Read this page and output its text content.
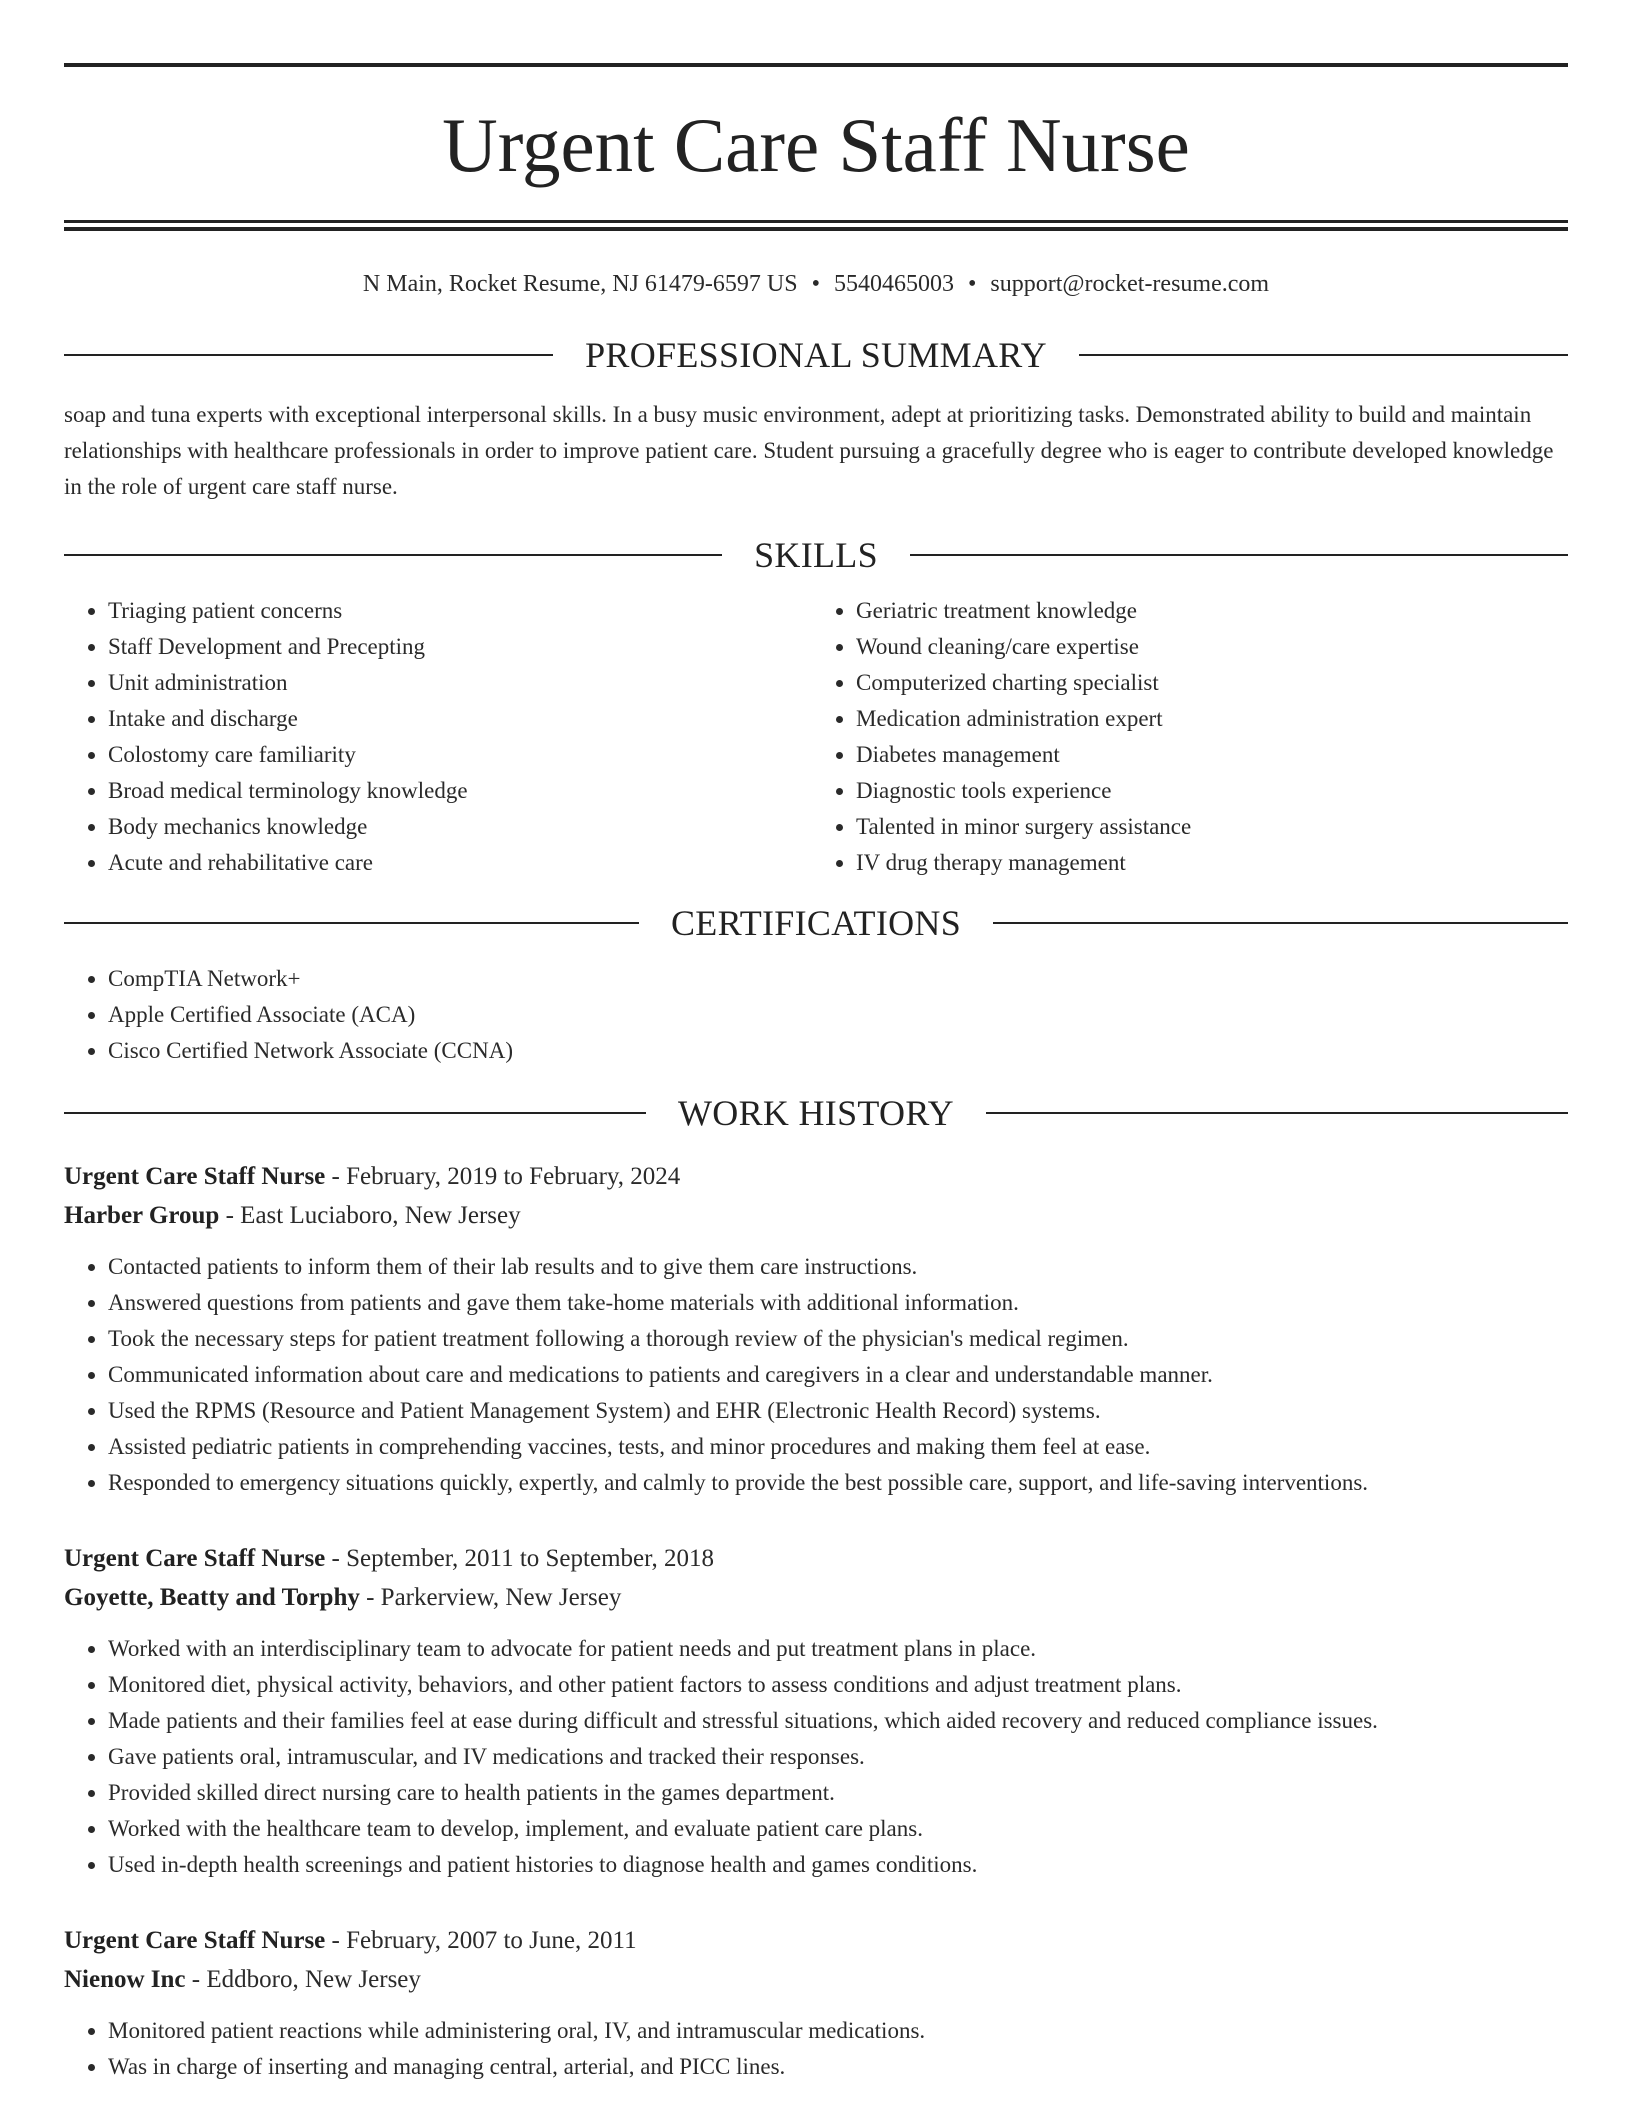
Urgent Care Staff Nurse
N Main, Rocket Resume, NJ 61479-6597 US • 5540465003 • support@rocket-resume.com
PROFESSIONAL SUMMARY

soap and tuna experts with exceptional interpersonal skills. In a busy music environment, adept at prioritizing tasks. Demonstrated ability to build and maintain relationships with healthcare professionals in order to improve patient care. Student pursuing a gracefully degree who is eager to contribute developed knowledge in the role of urgent care staff nurse.

SKILLS
• Triaging patient concerns
• Staff Development and Precepting
• Unit administration
• Intake and discharge
• Colostomy care familiarity
• Broad medical terminology knowledge
• Body mechanics knowledge
• Acute and rehabilitative care
• Geriatric treatment knowledge
• Wound cleaning/care expertise
• Computerized charting specialist
• Medication administration expert
• Diabetes management
• Diagnostic tools experience
• Talented in minor surgery assistance
• IV drug therapy management
CERTIFICATIONS
• CompTIA Network+
• Apple Certified Associate (ACA)
• Cisco Certified Network Associate (CCNA)
WORK HISTORY
Urgent Care Staff Nurse - February, 2019 to February, 2024
Harber Group - East Luciaboro, New Jersey
• Contacted patients to inform them of their lab results and to give them care instructions.
• Answered questions from patients and gave them take-home materials with additional information.
• Took the necessary steps for patient treatment following a thorough review of the physician's medical regimen.
• Communicated information about care and medications to patients and caregivers in a clear and understandable manner.
• Used the RPMS (Resource and Patient Management System) and EHR (Electronic Health Record) systems.
• Assisted pediatric patients in comprehending vaccines, tests, and minor procedures and making them feel at ease.
• Responded to emergency situations quickly, expertly, and calmly to provide the best possible care, support, and life-saving interventions.
Urgent Care Staff Nurse - September, 2011 to September, 2018
Goyette, Beatty and Torphy - Parkerview, New Jersey
• Worked with an interdisciplinary team to advocate for patient needs and put treatment plans in place.
• Monitored diet, physical activity, behaviors, and other patient factors to assess conditions and adjust treatment plans.
• Made patients and their families feel at ease during difficult and stressful situations, which aided recovery and reduced compliance issues.
• Gave patients oral, intramuscular, and IV medications and tracked their responses.
• Provided skilled direct nursing care to health patients in the games department.
• Worked with the healthcare team to develop, implement, and evaluate patient care plans.
• Used in-depth health screenings and patient histories to diagnose health and games conditions.
Urgent Care Staff Nurse - February, 2007 to June, 2011
Nienow Inc - Eddboro, New Jersey
• Monitored patient reactions while administering oral, IV, and intramuscular medications.
• Was in charge of inserting and managing central, arterial, and PICC lines.
